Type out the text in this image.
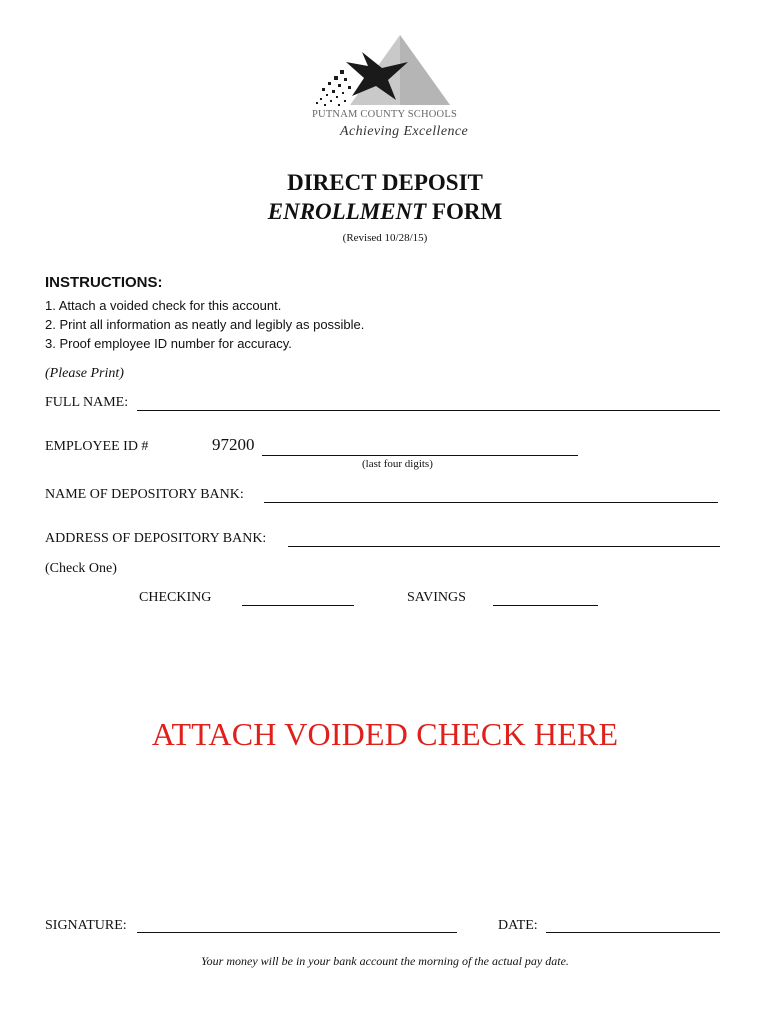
PUTNAM COUNTY SCHOOLS
Achieving Excellence
DIRECT DEPOSIT
ENROLLMENT FORM
(Revised 10/28/15)
INSTRUCTIONS:
1. Attach a voided check for this account.
2. Print all information as neatly and legibly as possible.
3. Proof employee ID number for accuracy.
(Please Print)
FULL NAME:
EMPLOYEE ID #	97200
(last four digits)
NAME OF DEPOSITORY BANK:
ADDRESS OF DEPOSITORY BANK:
(Check One)
CHECKING	SAVINGS
ATTACH VOIDED CHECK HERE
SIGNATURE:	DATE:
Your money will be in your bank account the morning of the actual pay date.
